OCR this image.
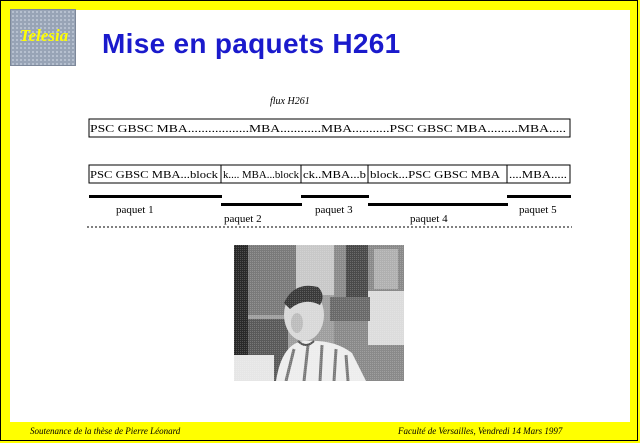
Telesia	Mise en paquets H261
flux H261
PSC GBSC MBA..................MBA............MBA...........PSC GBSC MBA.........MBA.....
PSC GBSC MBA...block k.... MBA...block ck..MBA...b block...PSC GBSC MBA ....MBA.....
paquet 1
paquet 2
paquet 3
paquet 4
paquet 5
Soutenance de la thèse de Pierre Léonard	Faculté de Versailles, Vendredi 14 Mars 1997
